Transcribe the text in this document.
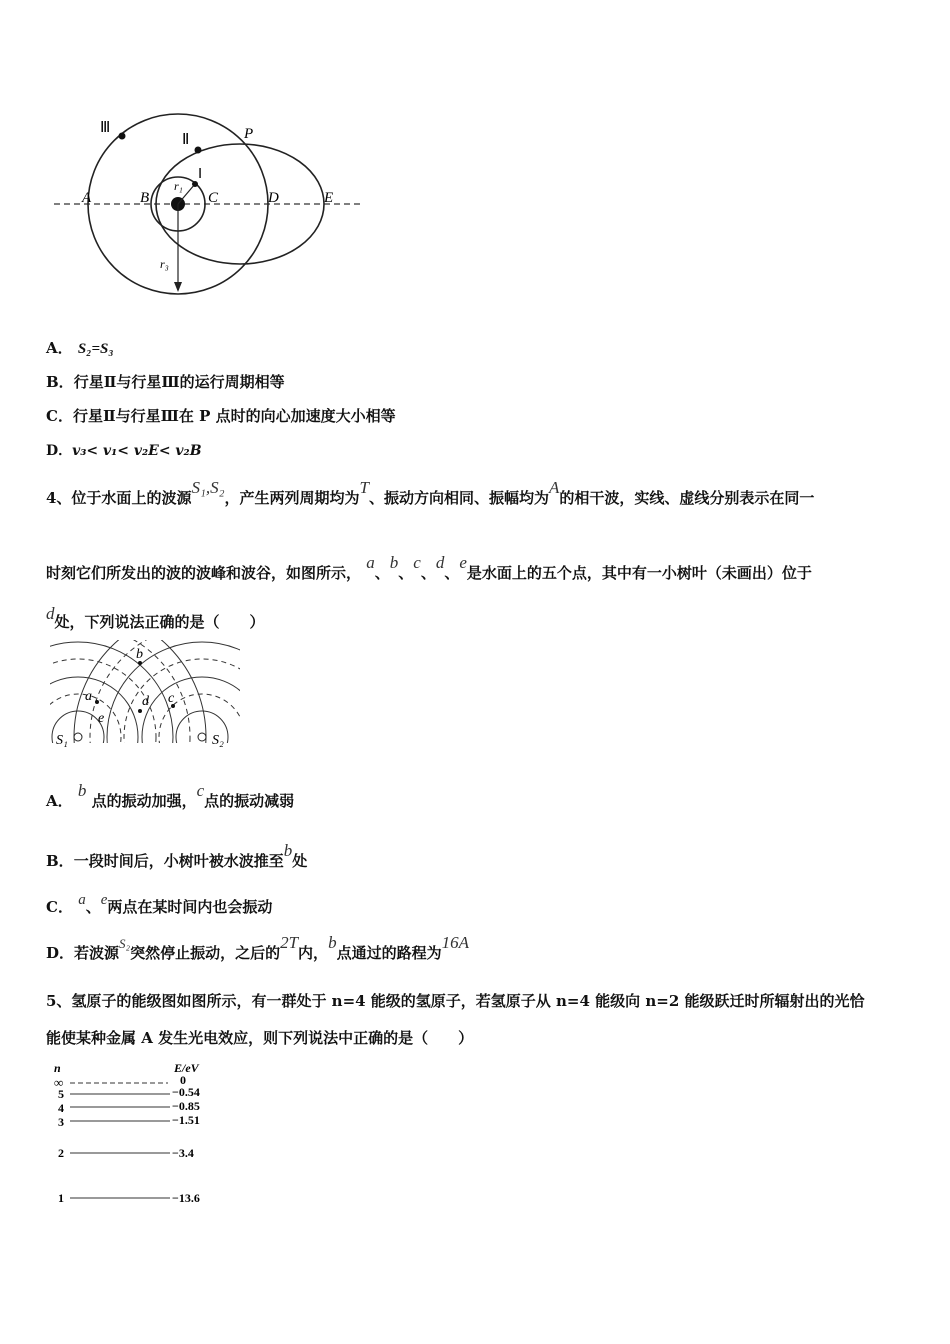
Ⅲ
Ⅱ
Ⅰ
P
A	B	C	D	E
r₁
r₃
A． S₂=S₃
B．行星Ⅱ与行星Ⅲ的运行周期相等
C．行星Ⅱ与行星Ⅲ在 P 点时的向心加速度大小相等
D．v₃< v₁< v₂E< v₂B
4、位于水面上的波源S₁,S₂，产生两列周期均为T、振动方向相同、振幅均为A的相干波，实线、虚线分别表示在同一
时刻它们所发出的波的波峰和波谷，如图所示， a、b、c、d、e是水面上的五个点，其中有一小树叶（未画出）位于
d处，下列说法正确的是（　　）
b
a	d c
e
S₁	S₂
A． b 点的振动加强，c点的振动减弱
B．一段时间后，小树叶被水波推至b处
C． a、e两点在某时间内也会振动
D．若波源S₂突然停止振动，之后的2T内，b点通过的路程为16A
5、氢原子的能级图如图所示，有一群处于 n=4 能级的氢原子，若氢原子从 n=4 能级向 n=2 能级跃迁时所辐射出的光恰
能使某种金属 A 发生光电效应，则下列说法中正确的是（　　）
n	E/eV
∞	0
5	−0.54
4	−0.85
3	−1.51
2	−3.4
1	−13.6
